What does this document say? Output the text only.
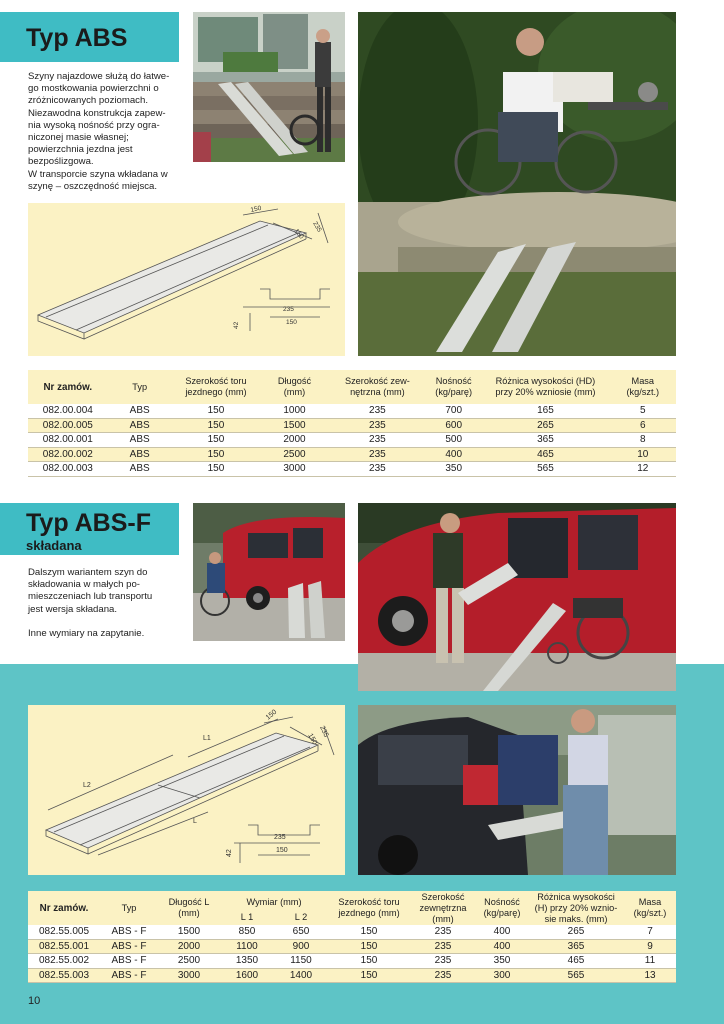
Typ ABS
Szyny najazdowe służą do łatwe-
go mostkowania powierzchni o
zróżnicowanych poziomach.
Niezawodna konstrukcja zapew-
nia wysoką nośność przy ogra-
niczonej masie własnej;
powierzchnia jezdna jest
bezpoślizgowa.
W transporcie szyna wkładana w
szynę – oszczędność miejsca.
150
235
150
235
150
42
Nr zamów.	Typ	Szerokość toru
jezdnego (mm)	Długość
(mm)	Szerokość zew-
nętrzna (mm)	Nośność
(kg/parę)	Różnica wysokości (HD)
przy 20% wzniosie (mm)	Masa
(kg/szt.)
082.00.004	ABS	150	1000	235	700	165	5
082.00.005	ABS	150	1500	235	600	265	6
082.00.001	ABS	150	2000	235	500	365	8
082.00.002	ABS	150	2500	235	400	465	10
082.00.003	ABS	150	3000	235	350	565	12
Typ ABS-F
składana
Dalszym wariantem szyn do
składowania w małych po-
mieszczeniach lub transportu
jest wersja składana.

Inne wymiary na zapytanie.
150
235
150
L1
L2
L
235
150
42
Nr zamów.	Typ	Długość L
(mm)	Wymiar (mm)		Szerokość toru
jezdnego (mm)	Szerokość
zewnętrzna
(mm)	Nośność
(kg/parę)	Różnica wysokości
(H) przy 20% wznio-
sie maks. (mm)	Masa
(kg/szt.)
			L 1	L 2					
082.55.005	ABS - F	1500	850	650	150	235	400	265	7
082.55.001	ABS - F	2000	1100	900	150	235	400	365	9
082.55.002	ABS - F	2500	1350	1150	150	235	350	465	11
082.55.003	ABS - F	3000	1600	1400	150	235	300	565	13
10
